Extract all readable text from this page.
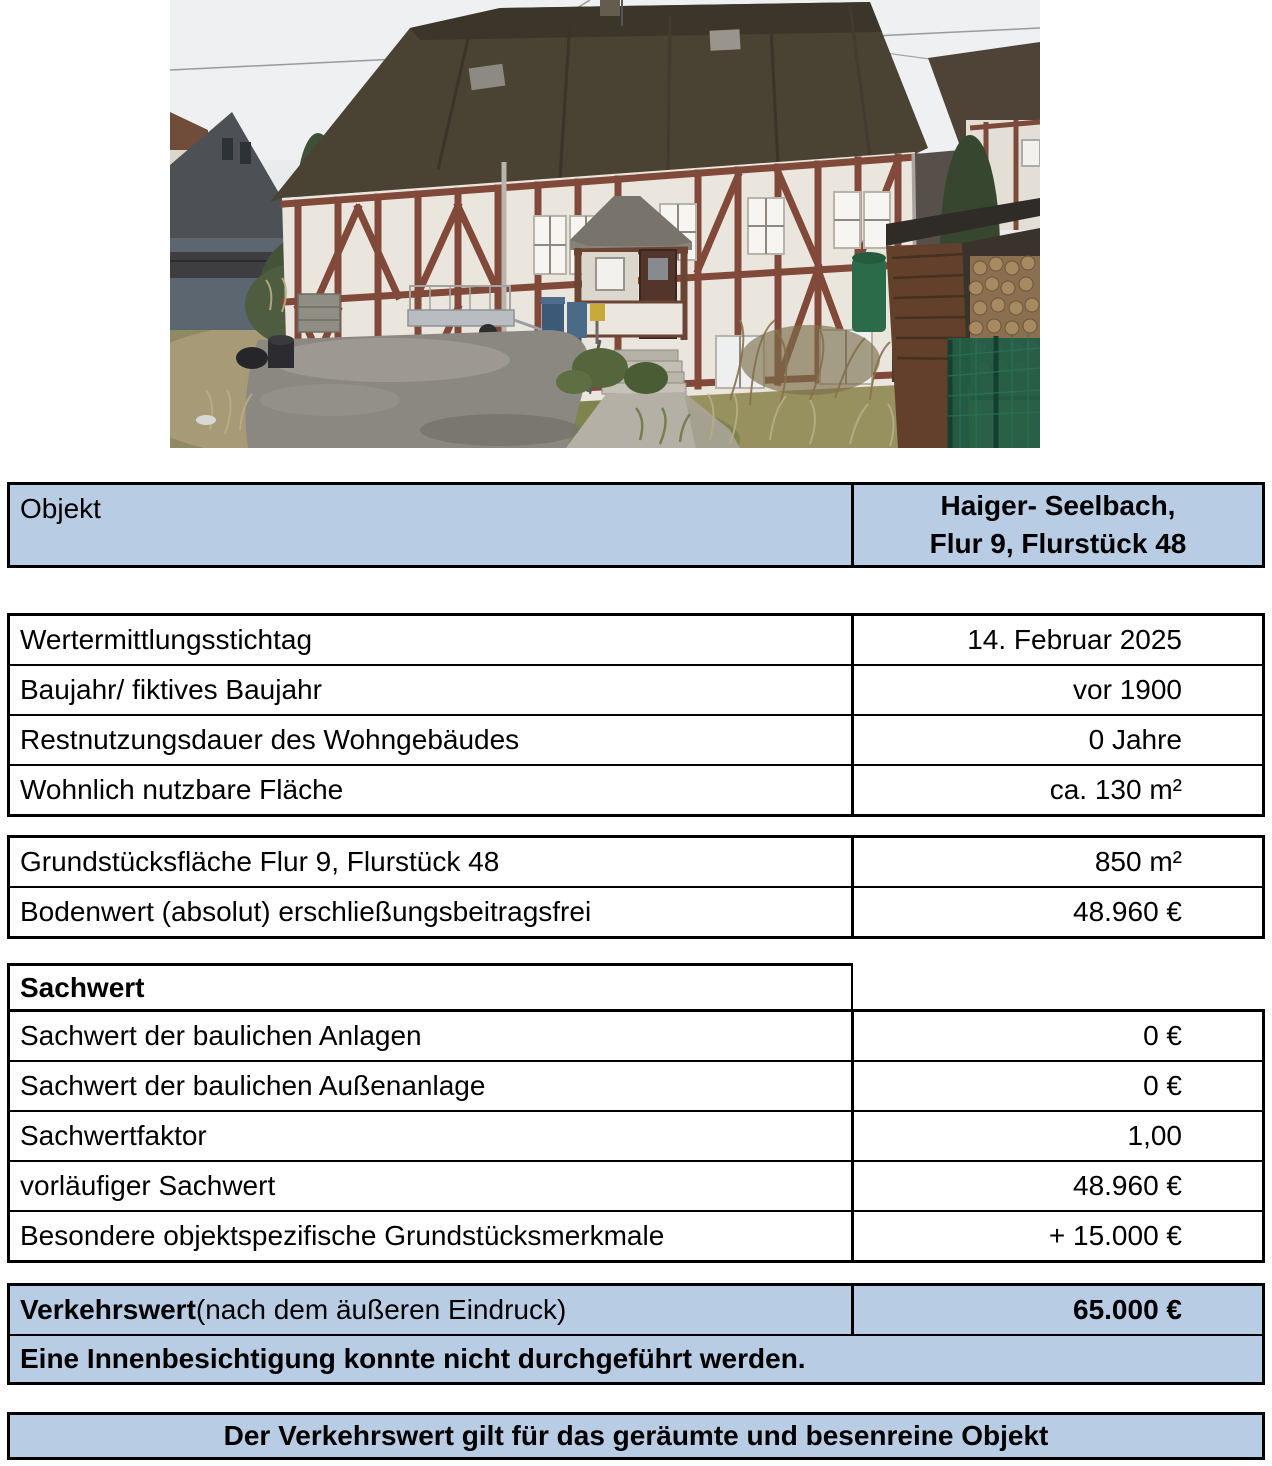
Objekt	Haiger- Seelbach,
Flur 9, Flurstück 48
Wertermittlungsstichtag	14. Februar 2025
Baujahr/ fiktives Baujahr	vor 1900
Restnutzungsdauer des Wohngebäudes	0 Jahre
Wohnlich nutzbare Fläche	ca. 130 m²
Grundstücksfläche Flur 9, Flurstück 48	850 m²
Bodenwert (absolut) erschließungsbeitragsfrei	48.960 €
Sachwert
Sachwert der baulichen Anlagen	0 €
Sachwert der baulichen Außenanlage	0 €
Sachwertfaktor	1,00
vorläufiger Sachwert	48.960 €
Besondere objektspezifische Grundstücksmerkmale	+ 15.000 €
Verkehrswert (nach dem äußeren Eindruck)	65.000 €
Eine Innenbesichtigung konnte nicht durchgeführt werden.
Der Verkehrswert gilt für das geräumte und besenreine Objekt
